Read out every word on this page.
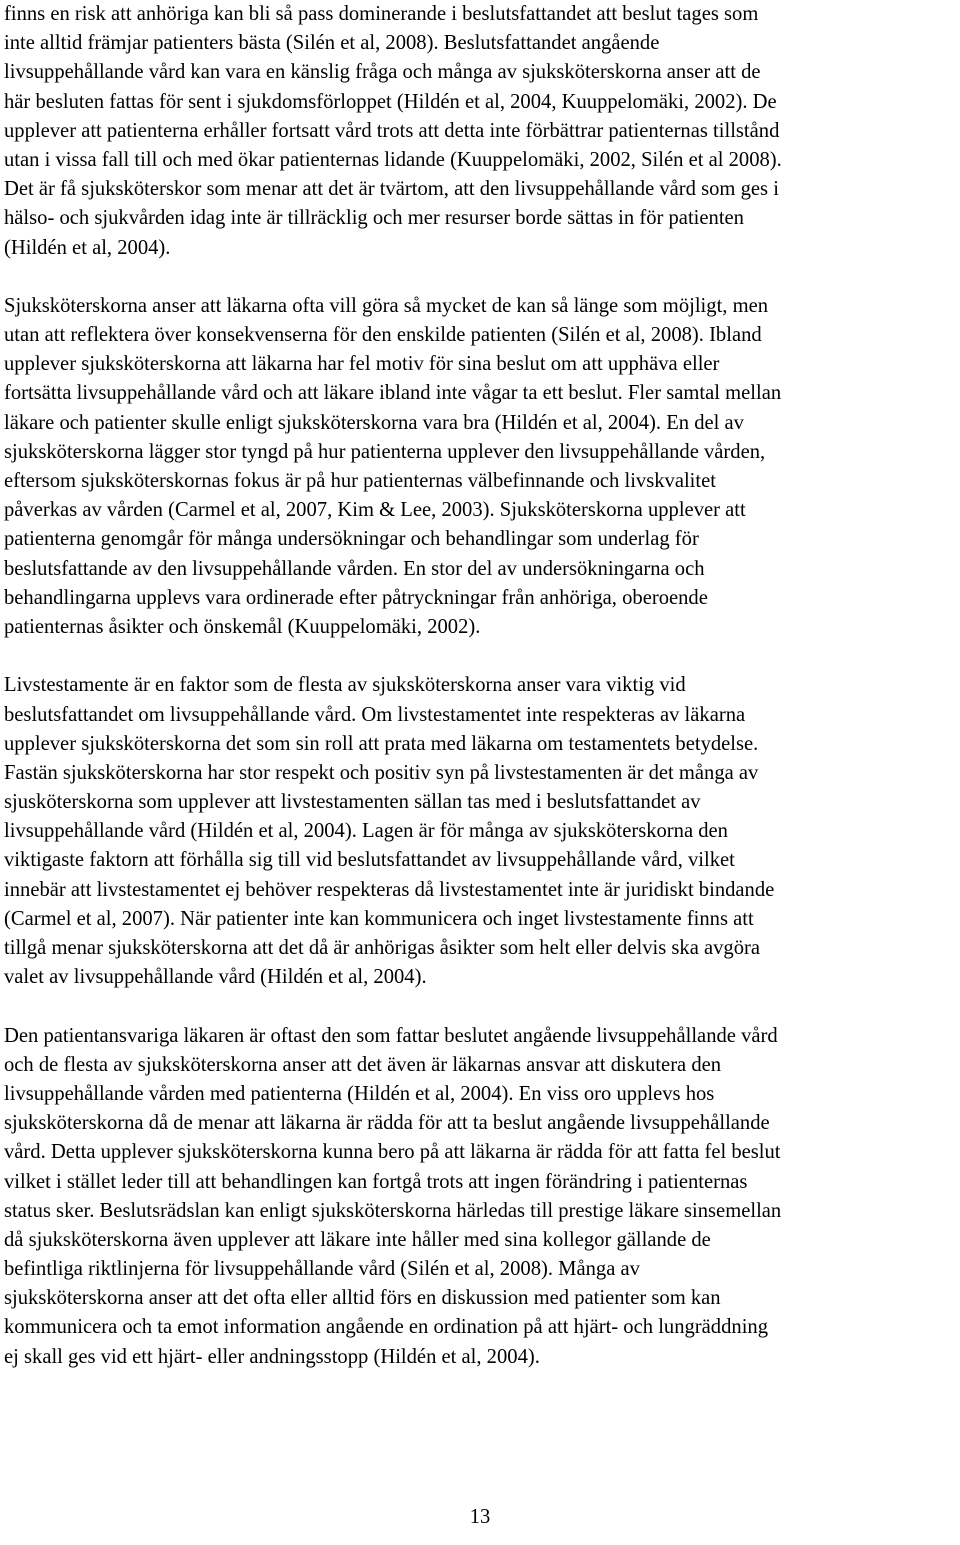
finns en risk att anhöriga kan bli så pass dominerande i beslutsfattandet att beslut tages som
inte alltid främjar patienters bästa (Silén et al, 2008). Beslutsfattandet angående
livsuppehållande vård kan vara en känslig fråga och många av sjuksköterskorna anser att de
här besluten fattas för sent i sjukdomsförloppet (Hildén et al, 2004, Kuuppelomäki, 2002). De
upplever att patienterna erhåller fortsatt vård trots att detta inte förbättrar patienternas tillstånd
utan i vissa fall till och med ökar patienternas lidande (Kuuppelomäki, 2002, Silén et al 2008).
Det är få sjuksköterskor som menar att det är tvärtom, att den livsuppehållande vård som ges i
hälso- och sjukvården idag inte är tillräcklig och mer resurser borde sättas in för patienten
(Hildén et al, 2004).
Sjuksköterskorna anser att läkarna ofta vill göra så mycket de kan så länge som möjligt, men
utan att reflektera över konsekvenserna för den enskilde patienten (Silén et al, 2008). Ibland
upplever sjuksköterskorna att läkarna har fel motiv för sina beslut om att upphäva eller
fortsätta livsuppehållande vård och att läkare ibland inte vågar ta ett beslut. Fler samtal mellan
läkare och patienter skulle enligt sjuksköterskorna vara bra (Hildén et al, 2004). En del av
sjuksköterskorna lägger stor tyngd på hur patienterna upplever den livsuppehållande vården,
eftersom sjuksköterskornas fokus är på hur patienternas välbefinnande och livskvalitet
påverkas av vården (Carmel et al, 2007, Kim & Lee, 2003). Sjuksköterskorna upplever att
patienterna genomgår för många undersökningar och behandlingar som underlag för
beslutsfattande av den livsuppehållande vården. En stor del av undersökningarna och
behandlingarna upplevs vara ordinerade efter påtryckningar från anhöriga, oberoende
patienternas åsikter och önskemål (Kuuppelomäki, 2002).
Livstestamente är en faktor som de flesta av sjuksköterskorna anser vara viktig vid
beslutsfattandet om livsuppehållande vård. Om livstestamentet inte respekteras av läkarna
upplever sjuksköterskorna det som sin roll att prata med läkarna om testamentets betydelse.
Fastän sjuksköterskorna har stor respekt och positiv syn på livstestamenten är det många av
sjusköterskorna som upplever att livstestamenten sällan tas med i beslutsfattandet av
livsuppehållande vård (Hildén et al, 2004). Lagen är för många av sjuksköterskorna den
viktigaste faktorn att förhålla sig till vid beslutsfattandet av livsuppehållande vård, vilket
innebär att livstestamentet ej behöver respekteras då livstestamentet inte är juridiskt bindande
(Carmel et al, 2007). När patienter inte kan kommunicera och inget livstestamente finns att
tillgå menar sjuksköterskorna att det då är anhörigas åsikter som helt eller delvis ska avgöra
valet av livsuppehållande vård (Hildén et al, 2004).
Den patientansvariga läkaren är oftast den som fattar beslutet angående livsuppehållande vård
och de flesta av sjuksköterskorna anser att det även är läkarnas ansvar att diskutera den
livsuppehållande vården med patienterna (Hildén et al, 2004). En viss oro upplevs hos
sjuksköterskorna då de menar att läkarna är rädda för att ta beslut angående livsuppehållande
vård. Detta upplever sjuksköterskorna kunna bero på att läkarna är rädda för att fatta fel beslut
vilket i stället leder till att behandlingen kan fortgå trots att ingen förändring i patienternas
status sker. Beslutsrädslan kan enligt sjuksköterskorna härledas till prestige läkare sinsemellan
då sjuksköterskorna även upplever att läkare inte håller med sina kollegor gällande de
befintliga riktlinjerna för livsuppehållande vård (Silén et al, 2008). Många av
sjuksköterskorna anser att det ofta eller alltid förs en diskussion med patienter som kan
kommunicera och ta emot information angående en ordination på att hjärt- och lungräddning
ej skall ges vid ett hjärt- eller andningsstopp (Hildén et al, 2004).
13
